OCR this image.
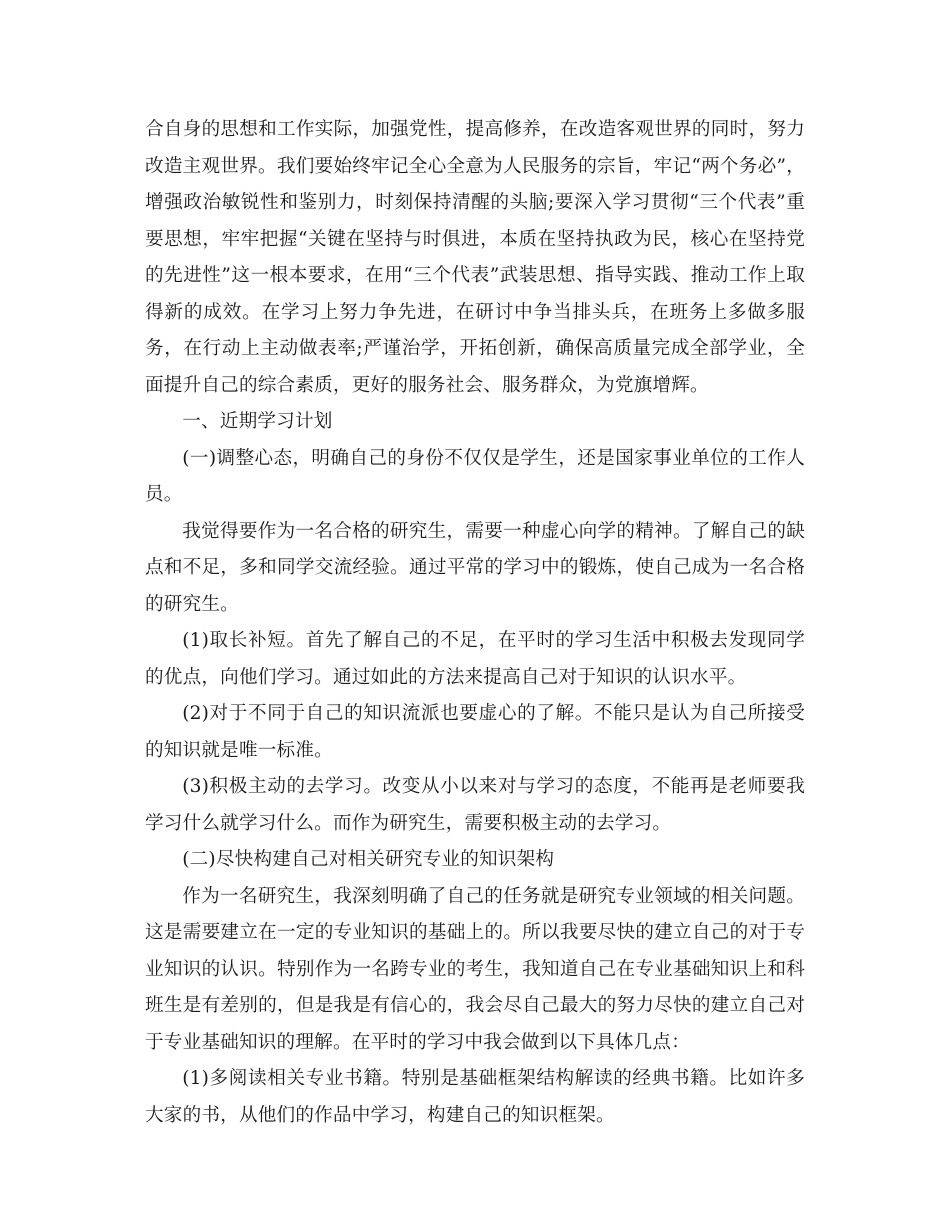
合自身的思想和工作实际，加强党性，提高修养，在改造客观世界的同时，努力改造主观世界。我们要始终牢记全心全意为人民服务的宗旨，牢记“两个务必”，增强政治敏锐性和鉴别力，时刻保持清醒的头脑;要深入学习贯彻“三个代表”重要思想，牢牢把握“关键在坚持与时俱进，本质在坚持执政为民，核心在坚持党的先进性”这一根本要求，在用“三个代表”武装思想、指导实践、推动工作上取得新的成效。在学习上努力争先进，在研讨中争当排头兵，在班务上多做多服务，在行动上主动做表率;严谨治学，开拓创新，确保高质量完成全部学业，全面提升自己的综合素质，更好的服务社会、服务群众，为党旗增辉。

一、近期学习计划

(一)调整心态，明确自己的身份不仅仅是学生，还是国家事业单位的工作人员。

我觉得要作为一名合格的研究生，需要一种虚心向学的精神。了解自己的缺点和不足，多和同学交流经验。通过平常的学习中的锻炼，使自己成为一名合格的研究生。

(1)取长补短。首先了解自己的不足，在平时的学习生活中积极去发现同学的优点，向他们学习。通过如此的方法来提高自己对于知识的认识水平。

(2)对于不同于自己的知识流派也要虚心的了解。不能只是认为自己所接受的知识就是唯一标准。

(3)积极主动的去学习。改变从小以来对与学习的态度，不能再是老师要我学习什么就学习什么。而作为研究生，需要积极主动的去学习。

(二)尽快构建自己对相关研究专业的知识架构

作为一名研究生，我深刻明确了自己的任务就是研究专业领域的相关问题。这是需要建立在一定的专业知识的基础上的。所以我要尽快的建立自己的对于专业知识的认识。特别作为一名跨专业的考生，我知道自己在专业基础知识上和科班生是有差别的，但是我是有信心的，我会尽自己最大的努力尽快的建立自己对于专业基础知识的理解。在平时的学习中我会做到以下具体几点：

(1)多阅读相关专业书籍。特别是基础框架结构解读的经典书籍。比如许多大家的书，从他们的作品中学习，构建自己的知识框架。
